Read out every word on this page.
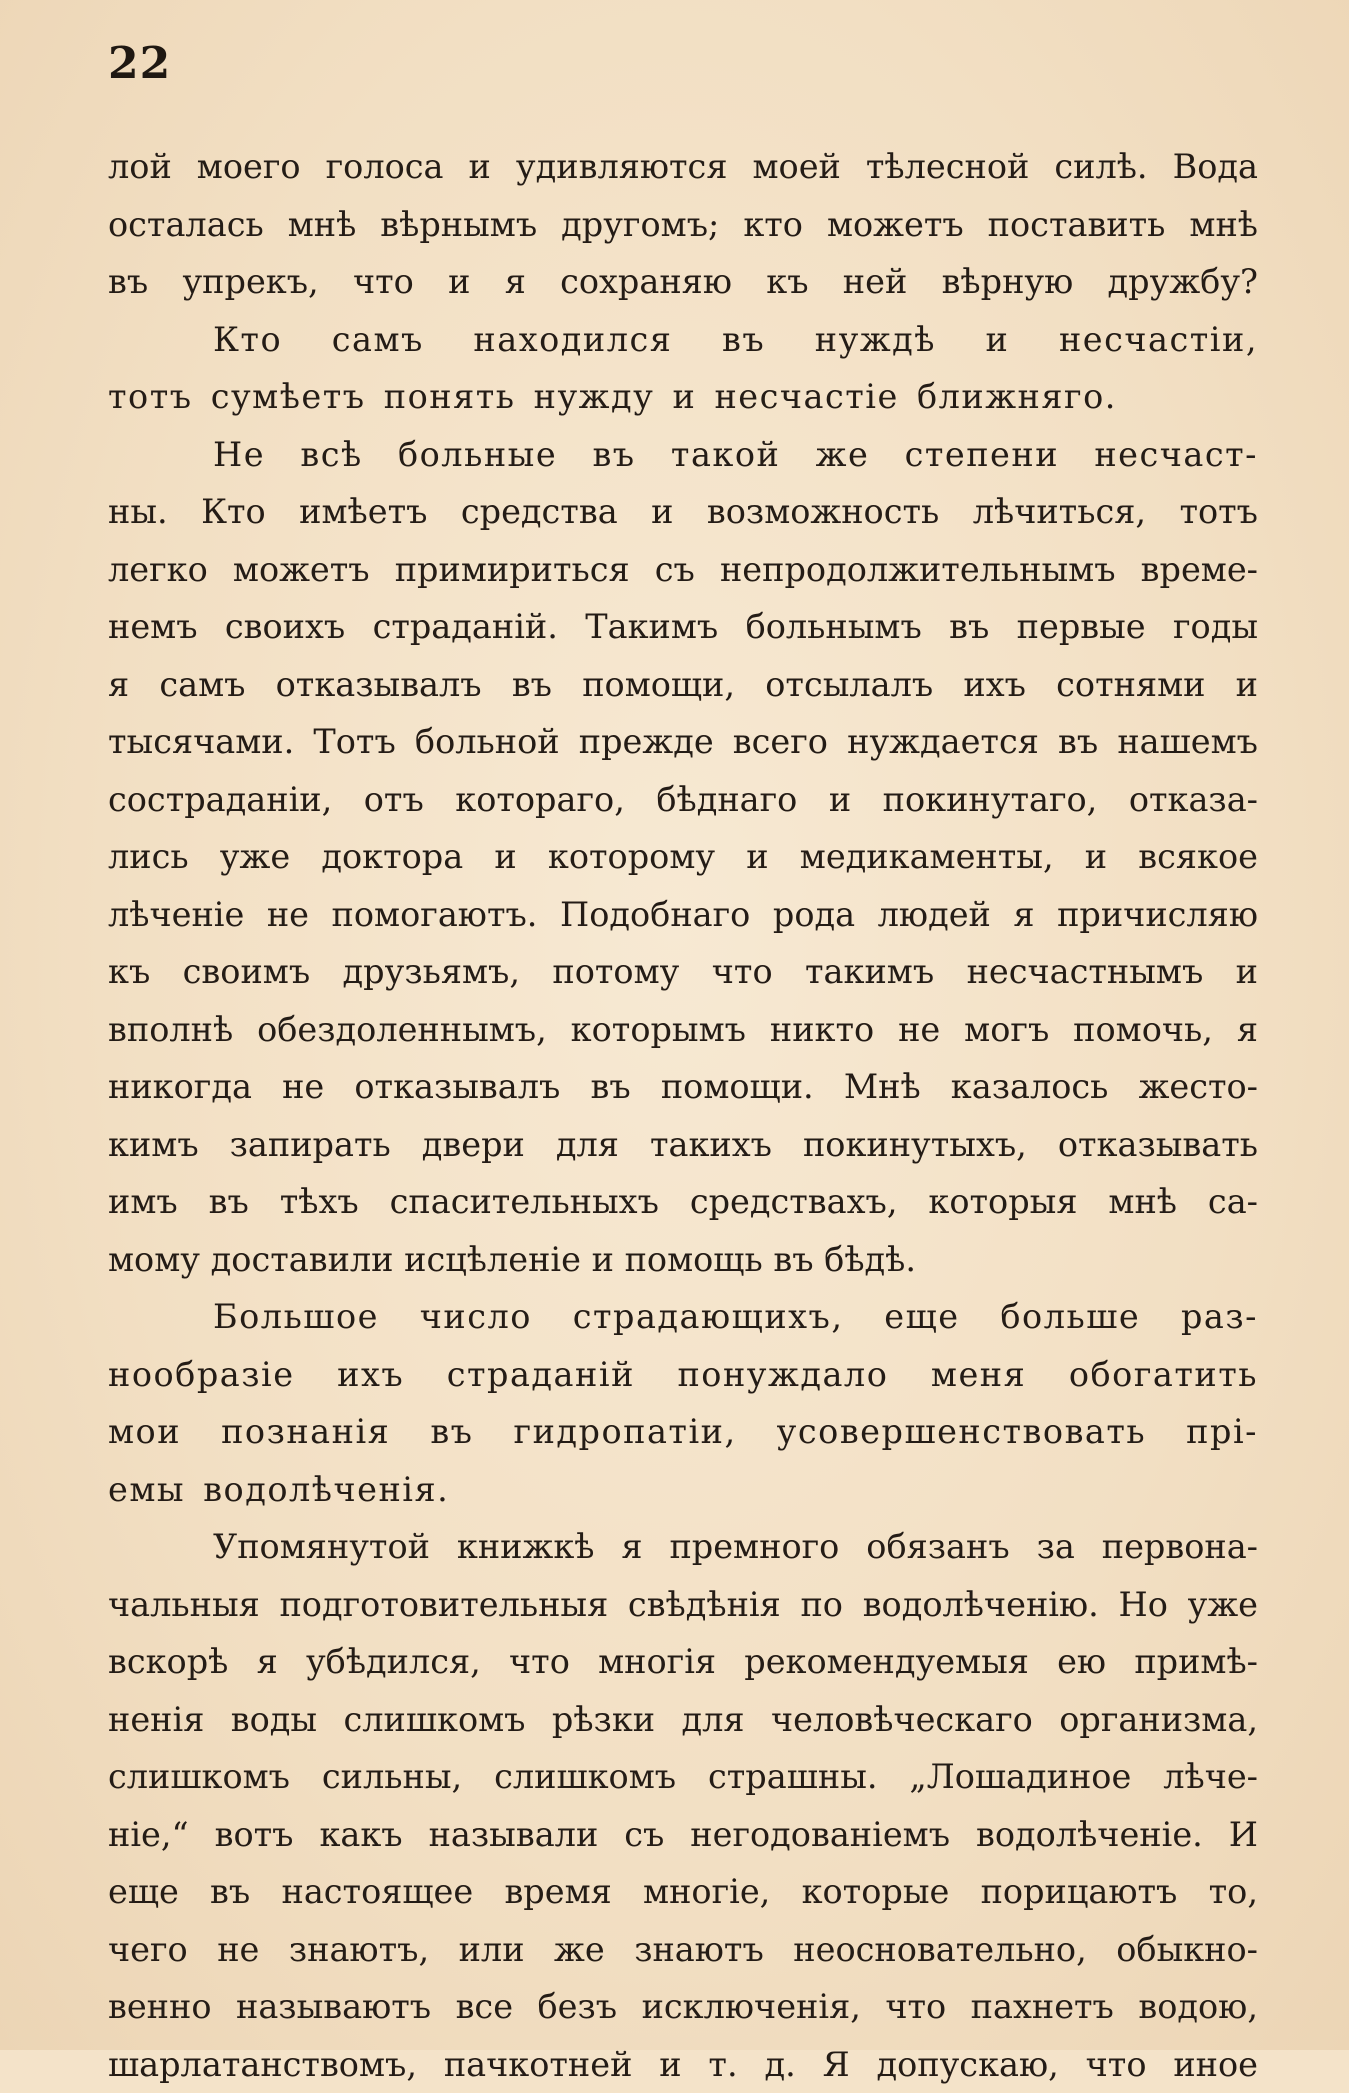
22
лой моего голоса и удивляются моей тѣлесной силѣ. Вода
осталась мнѣ вѣрнымъ другомъ; кто можетъ поставить мнѣ
въ упрекъ, что и я сохраняю къ ней вѣрную дружбу?
Кто самъ находился въ нуждѣ и несчастіи,
тотъ сумѣетъ понять нужду и несчастіе ближняго.
Не всѣ больные въ такой же степени несчаст-
ны. Кто имѣетъ средства и возможность лѣчиться, тотъ
легко можетъ примириться съ непродолжительнымъ време-
немъ своихъ страданій. Такимъ больнымъ въ первые годы
я самъ отказывалъ въ помощи, отсылалъ ихъ сотнями и
тысячами. Тотъ больной прежде всего нуждается въ нашемъ
состраданіи, отъ котораго, бѣднаго и покинутаго, отказа-
лись уже доктора и которому и медикаменты, и всякое
лѣченіе не помогаютъ. Подобнаго рода людей я причисляю
къ своимъ друзьямъ, потому что такимъ несчастнымъ и
вполнѣ обездоленнымъ, которымъ никто не могъ помочь, я
никогда не отказывалъ въ помощи. Мнѣ казалось жесто-
кимъ запирать двери для такихъ покинутыхъ, отказывать
имъ въ тѣхъ спасительныхъ средствахъ, которыя мнѣ са-
мому доставили исцѣленіе и помощь въ бѣдѣ.
Большое число страдающихъ, еще больше раз-
нообразіе ихъ страданій понуждало меня обогатить
мои познанія въ гидропатіи, усовершенствовать прі-
емы водолѣченія.
Упомянутой книжкѣ я премного обязанъ за первона-
чальныя подготовительныя свѣдѣнія по водолѣченію. Но уже
вскорѣ я убѣдился, что многія рекомендуемыя ею примѣ-
ненія воды слишкомъ рѣзки для человѣческаго организма,
слишкомъ сильны, слишкомъ страшны. „Лошадиное лѣче-
ніе,“ вотъ какъ называли съ негодованіемъ водолѣченіе. И
еще въ настоящее время многіе, которые порицаютъ то,
чего не знаютъ, или же знаютъ неосновательно, обыкно-
венно называютъ все безъ исключенія, что пахнетъ водою,
шарлатанствомъ, пачкотней и т. д. Я допускаю, что иное
